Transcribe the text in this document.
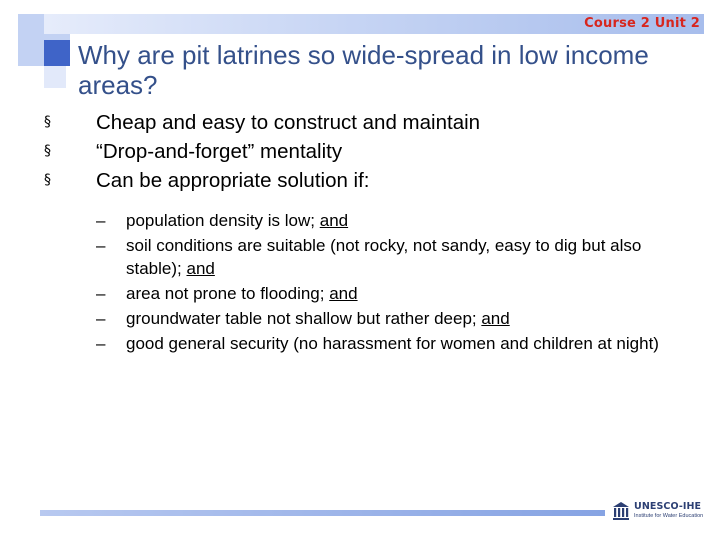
Course 2 Unit 2
Why are pit latrines so wide-spread in low income areas?
§	Cheap and easy to construct and maintain
§	“Drop-and-forget” mentality
§	Can be appropriate solution if:
– population density is low; and
– soil conditions are suitable (not rocky, not sandy, easy to dig but also stable); and
– area not prone to flooding; and
– groundwater table not shallow but rather deep; and
– good general security (no harassment for women and children at night)
UNESCO-IHE
Institute for Water Education
